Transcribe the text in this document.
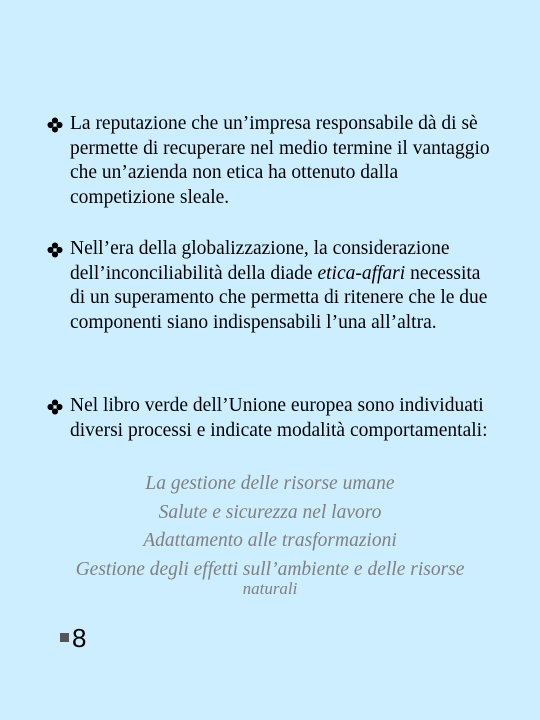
La reputazione che un’impresa responsabile dà di sè permette di recuperare nel medio termine il vantaggio che un’azienda non etica ha ottenuto dalla competizione sleale.
Nell’era della globalizzazione, la considerazione dell’inconciliabilità della diade etica-affari necessita di un superamento che permetta di ritenere che le due componenti siano indispensabili l’una all’altra.
Nel libro verde dell’Unione europea sono individuati diversi processi e indicate modalità comportamentali:
La gestione delle risorse umane
Salute e sicurezza nel lavoro
Adattamento alle trasformazioni
Gestione degli effetti sull’ambiente e delle risorse
naturali
8
